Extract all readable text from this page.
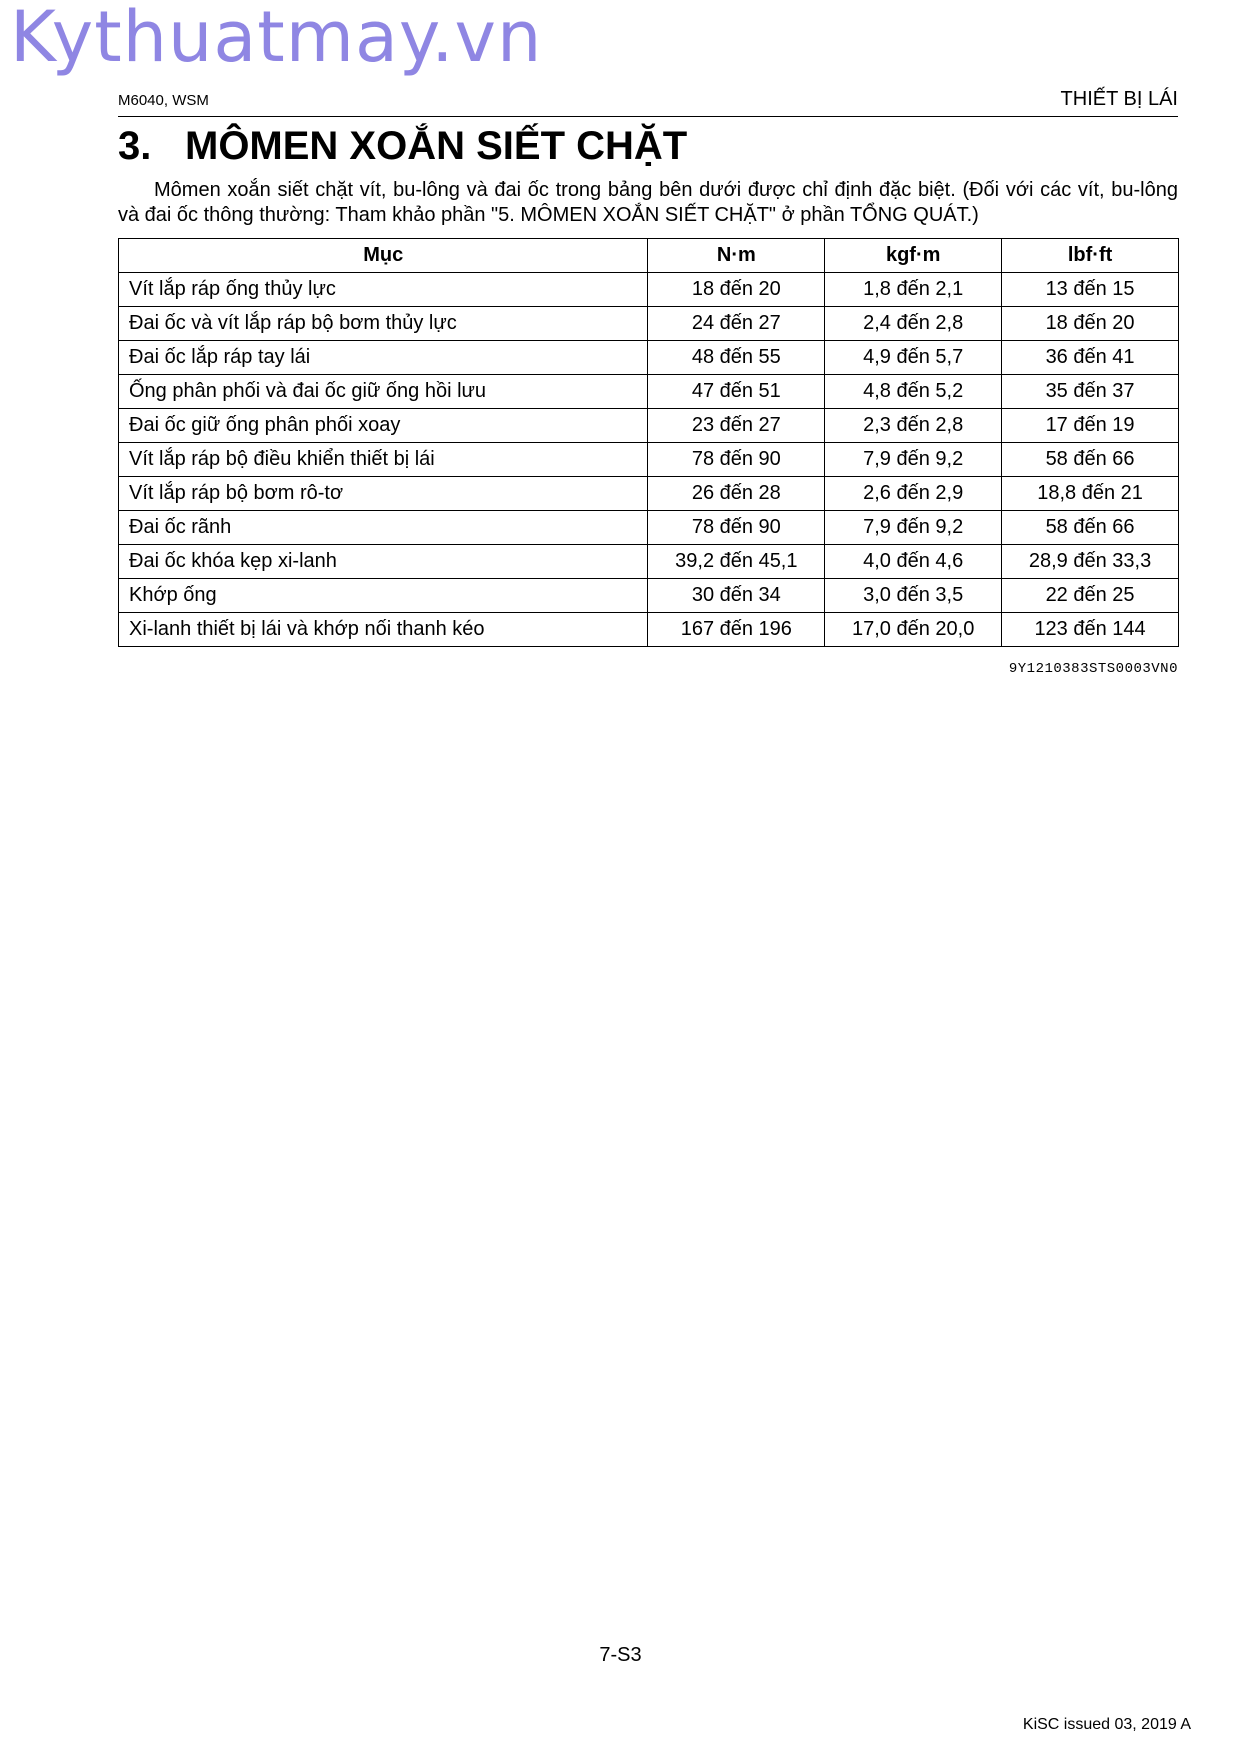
Kythuatmay.vn
M6040, WSM	THIẾT BỊ LÁI
3. MÔMEN XOẮN SIẾT CHẶT
Mômen xoắn siết chặt vít, bu-lông và đai ốc trong bảng bên dưới được chỉ định đặc biệt. (Đối với các vít, bu-lông và đai ốc thông thường: Tham khảo phần "5. MÔMEN XOẮN SIẾT CHẶT" ở phần TỔNG QUÁT.)
Mục	N·m	kgf·m	lbf·ft
Vít lắp ráp ống thủy lực	18 đến 20	1,8 đến 2,1	13 đến 15
Đai ốc và vít lắp ráp bộ bơm thủy lực	24 đến 27	2,4 đến 2,8	18 đến 20
Đai ốc lắp ráp tay lái	48 đến 55	4,9 đến 5,7	36 đến 41
Ống phân phối và đai ốc giữ ống hồi lưu	47 đến 51	4,8 đến 5,2	35 đến 37
Đai ốc giữ ống phân phối xoay	23 đến 27	2,3 đến 2,8	17 đến 19
Vít lắp ráp bộ điều khiển thiết bị lái	78 đến 90	7,9 đến 9,2	58 đến 66
Vít lắp ráp bộ bơm rô-tơ	26 đến 28	2,6 đến 2,9	18,8 đến 21
Đai ốc rãnh	78 đến 90	7,9 đến 9,2	58 đến 66
Đai ốc khóa kẹp xi-lanh	39,2 đến 45,1	4,0 đến 4,6	28,9 đến 33,3
Khớp ống	30 đến 34	3,0 đến 3,5	22 đến 25
Xi-lanh thiết bị lái và khớp nối thanh kéo	167 đến 196	17,0 đến 20,0	123 đến 144
9Y1210383STS0003VN0
7-S3
KiSC issued 03, 2019 A
